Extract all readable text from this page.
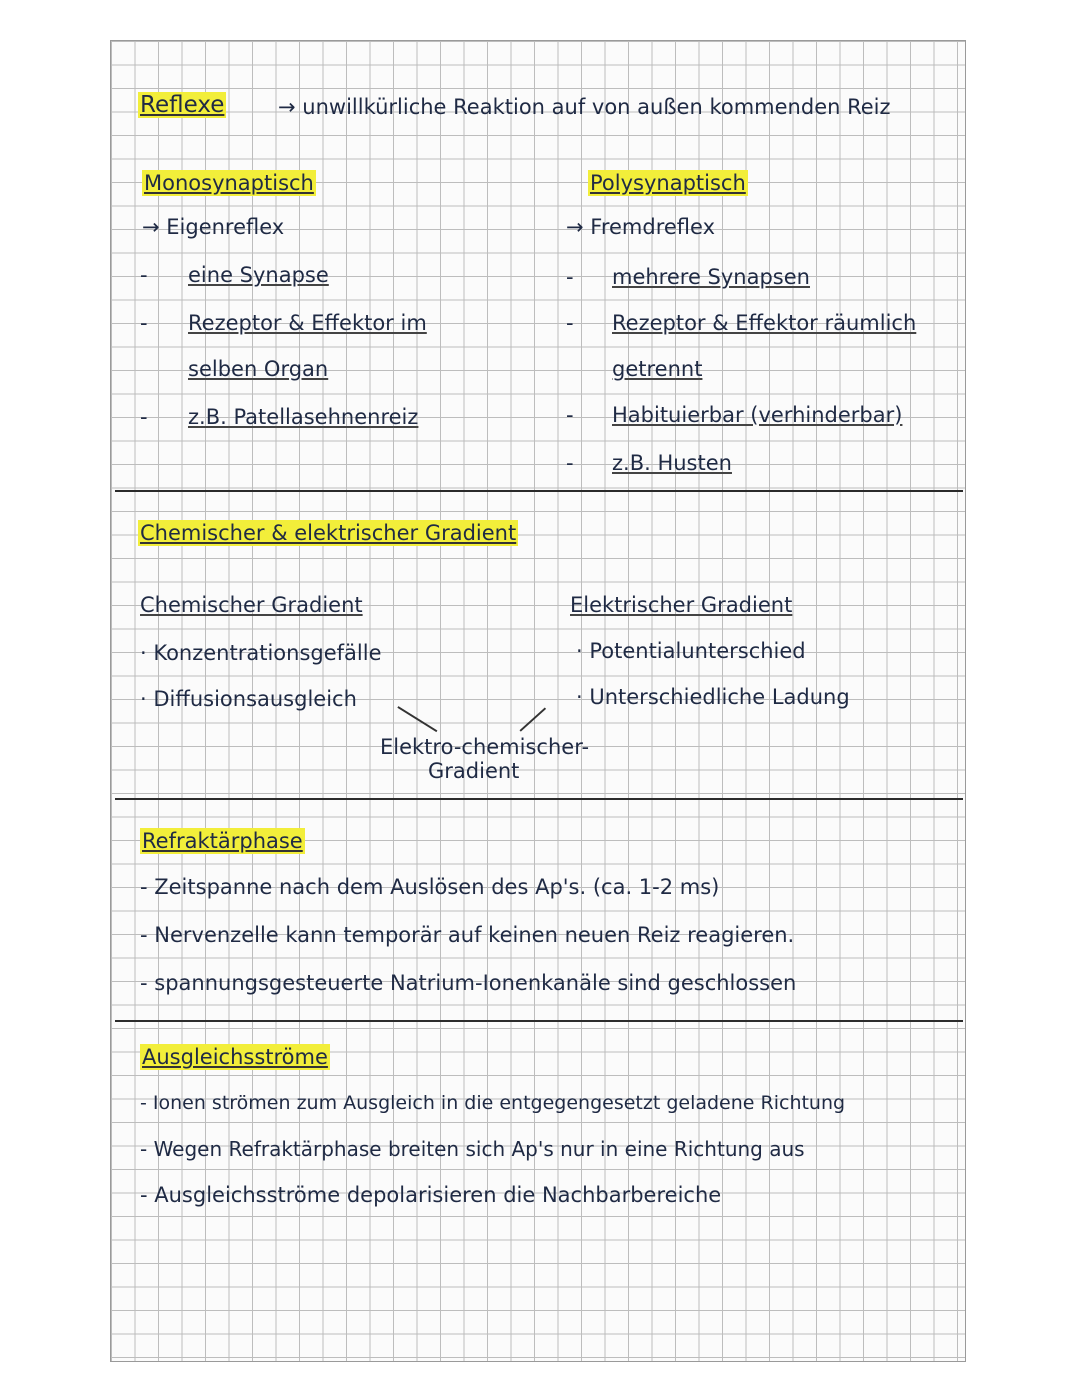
Reflexe	→ unwillkürliche Reaktion auf von außen kommenden Reiz
Monosynaptisch
→ Eigenreflex
- eine Synapse
- Rezeptor & Effektor im
selben Organ
- z.B. Patellasehnenreiz
Polysynaptisch
→ Fremdreflex
- mehrere Synapsen
- Rezeptor & Effektor räumlich
getrennt
- Habituierbar (verhinderbar)
- z.B. Husten
Chemischer & elektrischer Gradient
Chemischer Gradient
· Konzentrationsgefälle
· Diffusionsausgleich
Elektrischer Gradient
· Potentialunterschied
· Unterschiedliche Ladung
Elektro-chemischer-
Gradient
Refraktärphase
- Zeitspanne nach dem Auslösen des Ap's. (ca. 1-2 ms)
- Nervenzelle kann temporär auf keinen neuen Reiz reagieren.
- spannungsgesteuerte Natrium-Ionenkanäle sind geschlossen
Ausgleichsströme
- Ionen strömen zum Ausgleich in die entgegengesetzt geladene Richtung
- Wegen Refraktärphase breiten sich Ap's nur in eine Richtung aus
- Ausgleichsströme depolarisieren die Nachbarbereiche
